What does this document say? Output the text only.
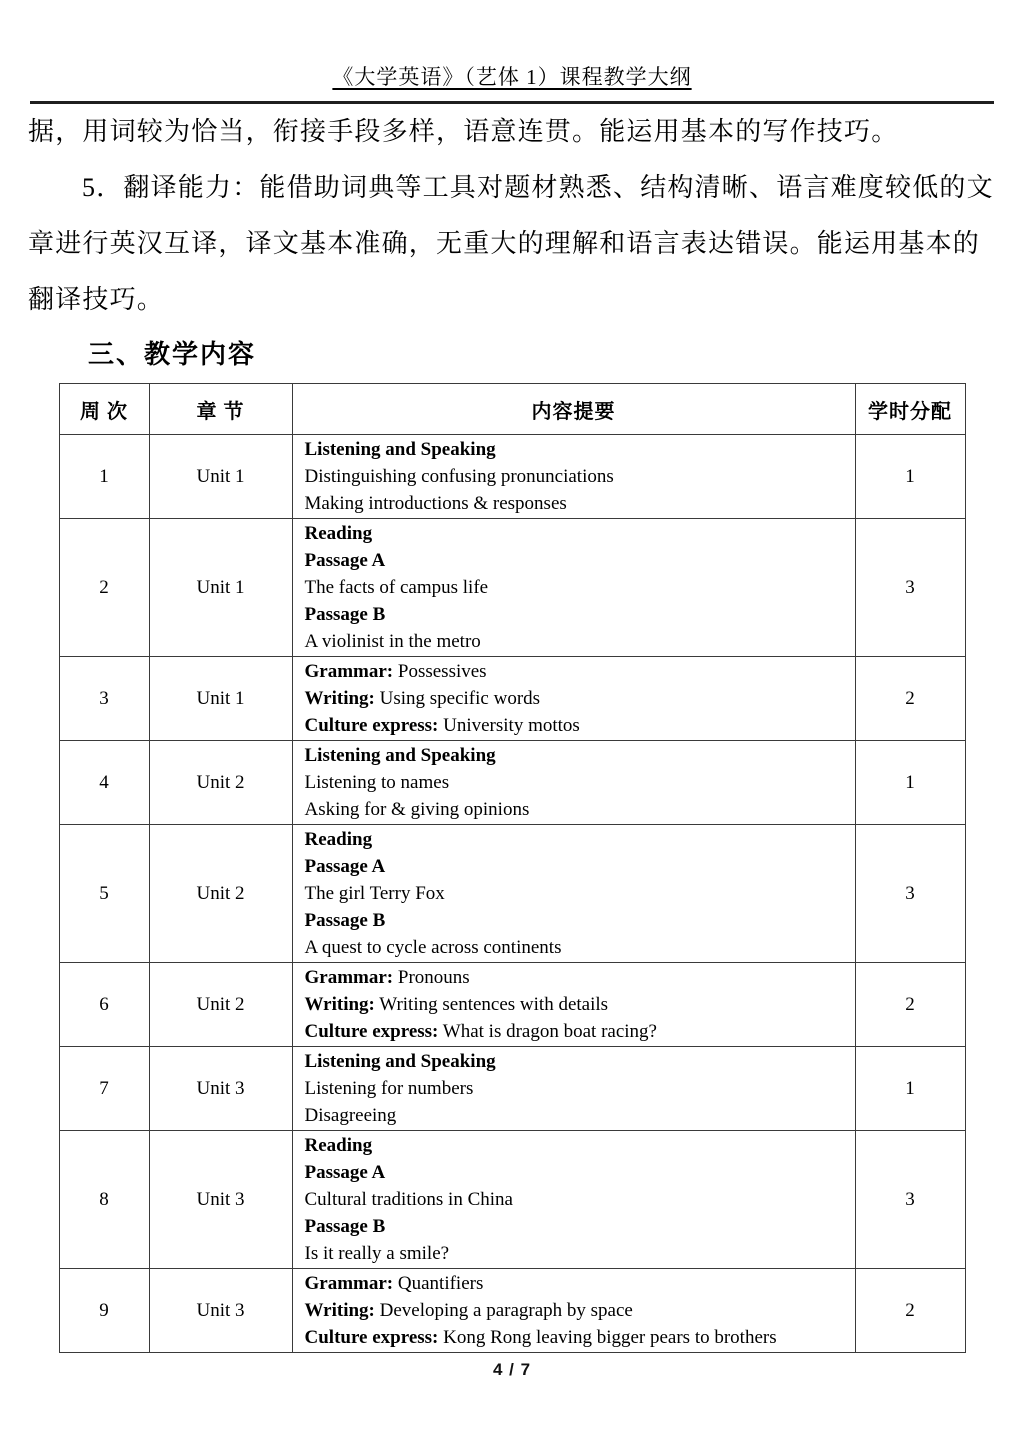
《大学英语》（艺体 1）课程教学大纲

据，用词较为恰当，衔接手段多样，语意连贯。能运用基本的写作技巧。

5．翻译能力：能借助词典等工具对题材熟悉、结构清晰、语言难度较低的文
章进行英汉互译，译文基本准确，无重大的理解和语言表达错误。能运用基本的
翻译技巧。
三、教学内容
周 次	章 节	内容提要	学时分配
1	Unit 1	Listening and Speaking
Distinguishing confusing pronunciations
Making introductions & responses	1
2	Unit 1	Reading
Passage A
The facts of campus life
Passage B
A violinist in the metro	3
3	Unit 1	Grammar: Possessives
Writing: Using specific words
Culture express: University mottos	2
4	Unit 2	Listening and Speaking
Listening to names
Asking for & giving opinions	1
5	Unit 2	Reading
Passage A
The girl Terry Fox
Passage B
A quest to cycle across continents	3
6	Unit 2	Grammar: Pronouns
Writing: Writing sentences with details
Culture express: What is dragon boat racing?	2
7	Unit 3	Listening and Speaking
Listening for numbers
Disagreeing	1
8	Unit 3	Reading
Passage A
Cultural traditions in China
Passage B
Is it really a smile?	3
9	Unit 3	Grammar: Quantifiers
Writing: Developing a paragraph by space
Culture express: Kong Rong leaving bigger pears to brothers	2
4 / 7
